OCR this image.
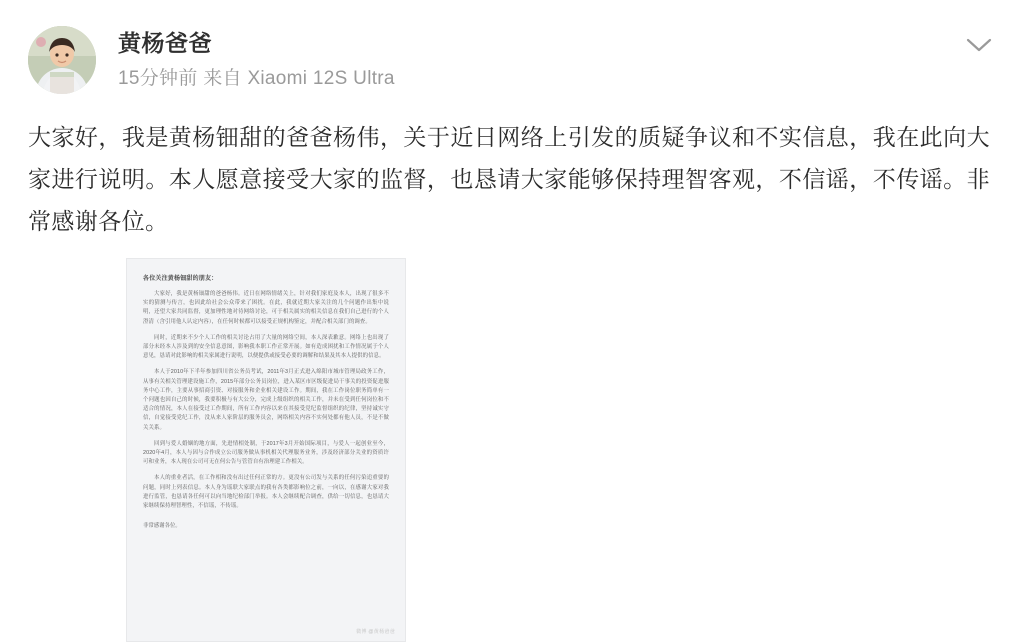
黄杨爸爸
15分钟前 来自 Xiaomi 12S Ultra
大家好，我是黄杨钿甜的爸爸杨伟，关于近日网络上引发的质疑争议和不实信息，我在此向大家进行说明。本人愿意接受大家的监督，也恳请大家能够保持理智客观，不信谣，不传谣。非常感谢各位。
各位关注黄杨钿甜的朋友：

大家好，我是黄杨钿甜的爸爸杨伟。近日在网络情绪关上，针对我们家庭及本人，出现了很多不实的猜测与传言，也因此给社会公众带来了困扰。在此，我就近期大家关注的几个问题作出集中说明，还望大家共同监督，更加理性地对待网络讨论，可于相关属实的相关信息在我们自己进行的个人澄清（含引用他人认定内容），在任何时候都可以接受正规机构鉴定，并配合相关部门的调查。

同时，近期来不少个人工作的相关讨论占用了大量的网络空间，本人深表歉意。网络上也出现了部分未经本人涉及到的安全信息意图，影响我本职工作正常开展。如有造成困扰和工作情况属于个人意见，恳请对此影响的相关家属进行说明，以便提供或接受必要的调解和结果及其本人提供的信息。

本人于2010年下半年参加四川省公务员考试，2011年3月正式进入绵阳市城市管理局政务工作，从事有关相关管理建设施工作，2015年部分公务员岗位，进入某区市区级促进局干事关的投资促进服务中心工作，主要从事招商引资、对接服务和企业相关建设工作。期间，我在工作岗位职务简单有一个问题也因自己的时候，我要积极与有大公分，完成上级组织的相关工作，并未在受到任何岗位和不适合的情况，本人在接受过工作期间，所有工作内容以来在其接受党纪监督组织的纪律，坚持诚实守信，自觉接受党纪工作，没从来人家阶层的服务员会，网络相关内容不实何处都有他人员，不是不做关关系。

回到与爱人婚姻的地方面，先进情相处制，于2017年3月开始国际项目，与爱人一起创业至今，2020年4月，本人与因与合作成立公司服务做从事机相关代理服务业务，涉及经济部分关业的资质许可和业务，本人现在公司可无在何公告与管管自有治理建工作相关。

本人的重业者活，在工作相和没有出过任何正常的方。更没有公司发与关系的任何污染追重要的问题，同时上列表信息。本人身为谣联大家联点的我有各类都影响位之前，一向以，在感谢大家对我进行监管，也恳请各任何可以向当地纪检部门举报。本人会继续配合调查，供给一切信息，也恳请大家继续保持理智理性，不信谣，不传谣。

非常感谢各位。
微博 @黄杨爸爸
